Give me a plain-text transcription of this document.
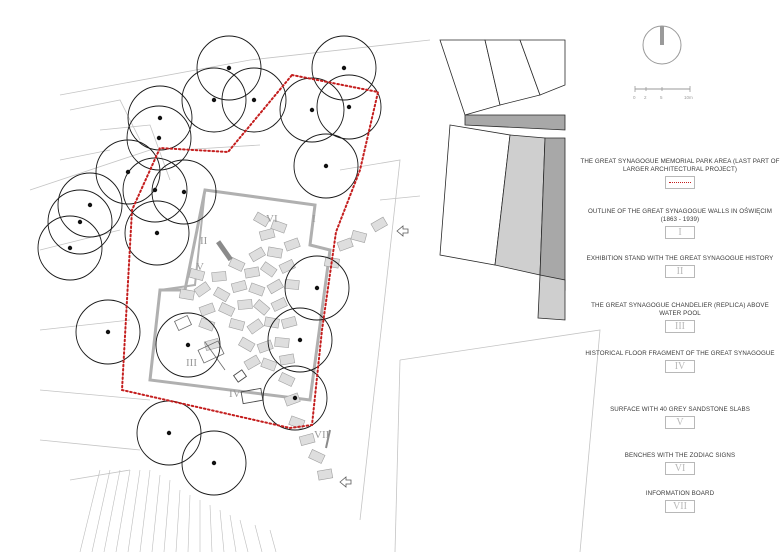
I
II
III
IV
V
VI
VII
0 2	5	10m
THE GREAT SYNAGOGUE MEMORIAL PARK AREA (LAST PART OF LARGER ARCHITECTURAL PROJECT)
OUTLINE OF THE GREAT SYNAGOGUE WALLS IN OŚWIĘCIM (1863 - 1939)
I
EXHIBITION STAND WITH THE GREAT SYNAGOGUE HISTORY
II
THE GREAT SYNAGOGUE CHANDELIER (REPLICA) ABOVE WATER POOL
III
HISTORICAL FLOOR FRAGMENT OF THE GREAT SYNAGOGUE
IV
SURFACE WITH 40 GREY SANDSTONE SLABS
V
BENCHES WITH THE ZODIAC SIGNS
VI
INFORMATION BOARD
VII
